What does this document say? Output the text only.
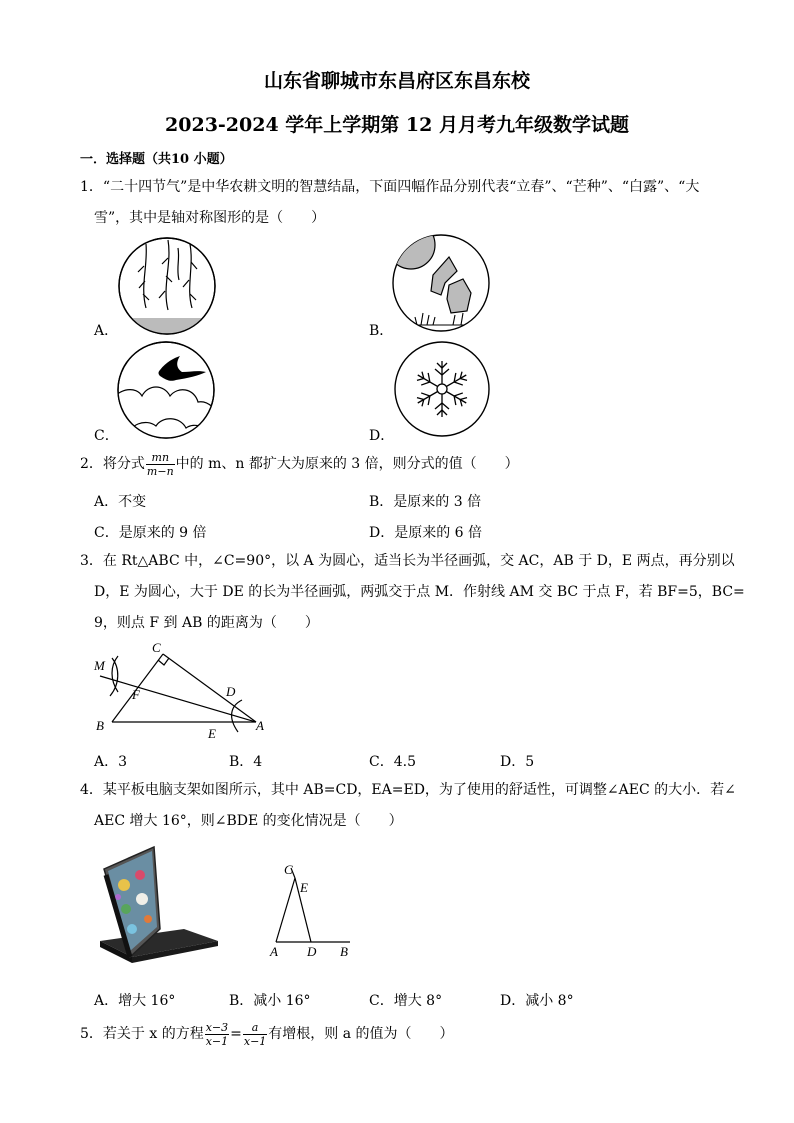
山东省聊城市东昌府区东昌东校
2023-2024 学年上学期第 12 月月考九年级数学试题
一．选择题（共10 小题）
1．“二十四节气”是中华农耕文明的智慧结晶，下面四幅作品分别代表“立春”、“芒种”、“白露”、“大
雪”，其中是轴对称图形的是（　　）
A．	B．
C．	D．
2．将分式 $\frac{mn}{m-n}$ 中的 m、n 都扩大为原来的 3 倍，则分式的值（　　）
A．不变	B．是原来的 3 倍
C．是原来的 9 倍	D．是原来的 6 倍
3．在 Rt△ABC 中，∠C=90°，以 A 为圆心，适当长为半径画弧，交 AC，AB 于 D，E 两点，再分别以
D，E 为圆心，大于 DE 的长为半径画弧，两弧交于点 M．作射线 AM 交 BC 于点 F，若 BF=5，BC=
9，则点 F 到 AB 的距离为（　　）
M
C
F	D
B
E
A
A．3	B．4	C．4.5	D．5
4．某平板电脑支架如图所示，其中 AB=CD，EA=ED，为了使用的舒适性，可调整∠AEC 的大小．若∠
AEC 增大 16°，则∠BDE 的变化情况是（　　）
C
E
A D B
A．增大 16°	B．减小 16°	C．增大 8°	D．减小 8°
5．若关于 x 的方程 $\frac{x-3}{x-1} = \frac{a}{x-1}$ 有增根，则 a 的值为（　　）
